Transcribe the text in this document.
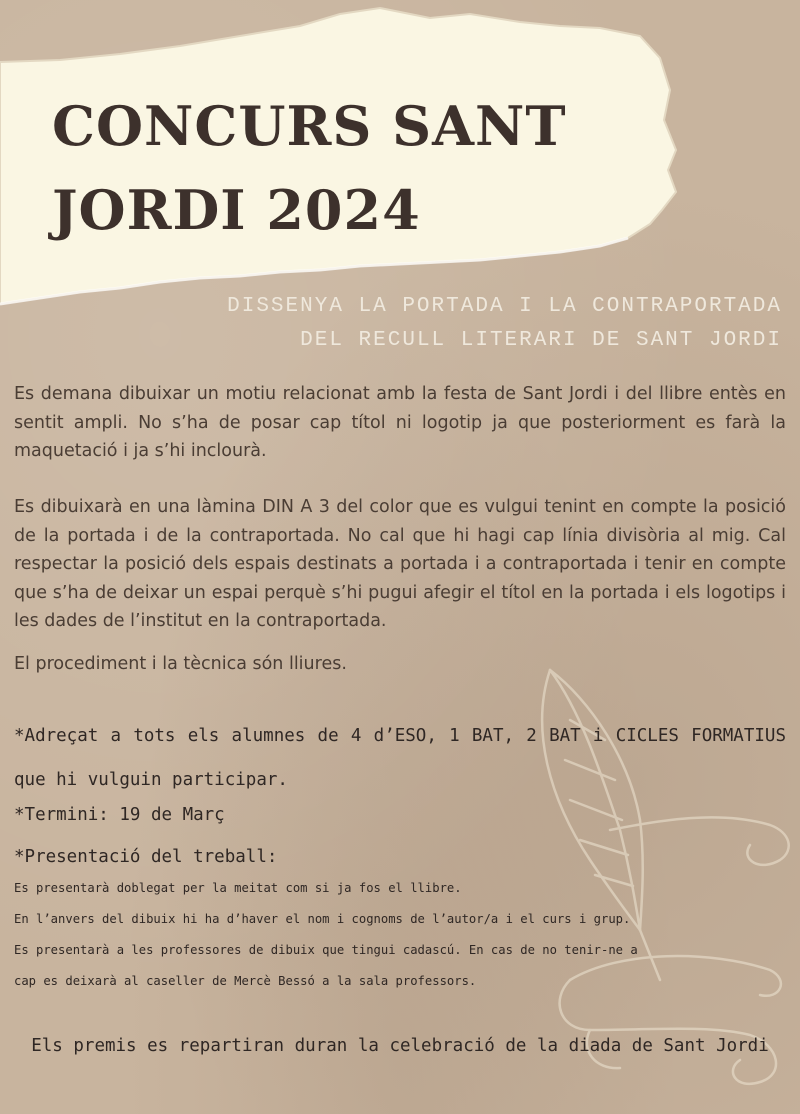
CONCURS SANT
JORDI 2024
DISSENYA LA PORTADA I LA CONTRAPORTADA
DEL RECULL LITERARI DE SANT JORDI

Es demana dibuixar un motiu relacionat amb la festa de Sant Jordi i del llibre entès en sentit ampli. No s’ha de posar cap títol ni logotip ja que posteriorment es farà la maquetació i ja s’hi inclourà.

Es dibuixarà en una làmina DIN A 3 del color que es vulgui tenint en compte la posició de la portada i de la contraportada. No cal que hi hagi cap línia divisòria al mig. Cal respectar la posició dels espais destinats a portada i a contraportada i tenir en compte que s’ha de deixar un espai perquè s’hi pugui afegir el títol en la portada i els logotips i les dades de l’institut en la contraportada.

El procediment i la tècnica són lliures.

*Adreçat a tots els alumnes de 4 d’ESO, 1 BAT, 2 BAT i CICLES FORMATIUS que hi vulguin participar.

*Termini: 19 de Març

*Presentació del treball:

Es presentarà doblegat per la meitat com si ja fos el llibre.

En l’anvers del dibuix hi ha d’haver el nom i cognoms de l’autor/a i el curs i grup.

Es presentarà a les professores de dibuix que tingui cadascú. En cas de no tenir-ne a

cap es deixarà al caseller de Mercè Bessó a la sala professors.

Els premis es repartiran duran la celebració de la diada de Sant Jordi
